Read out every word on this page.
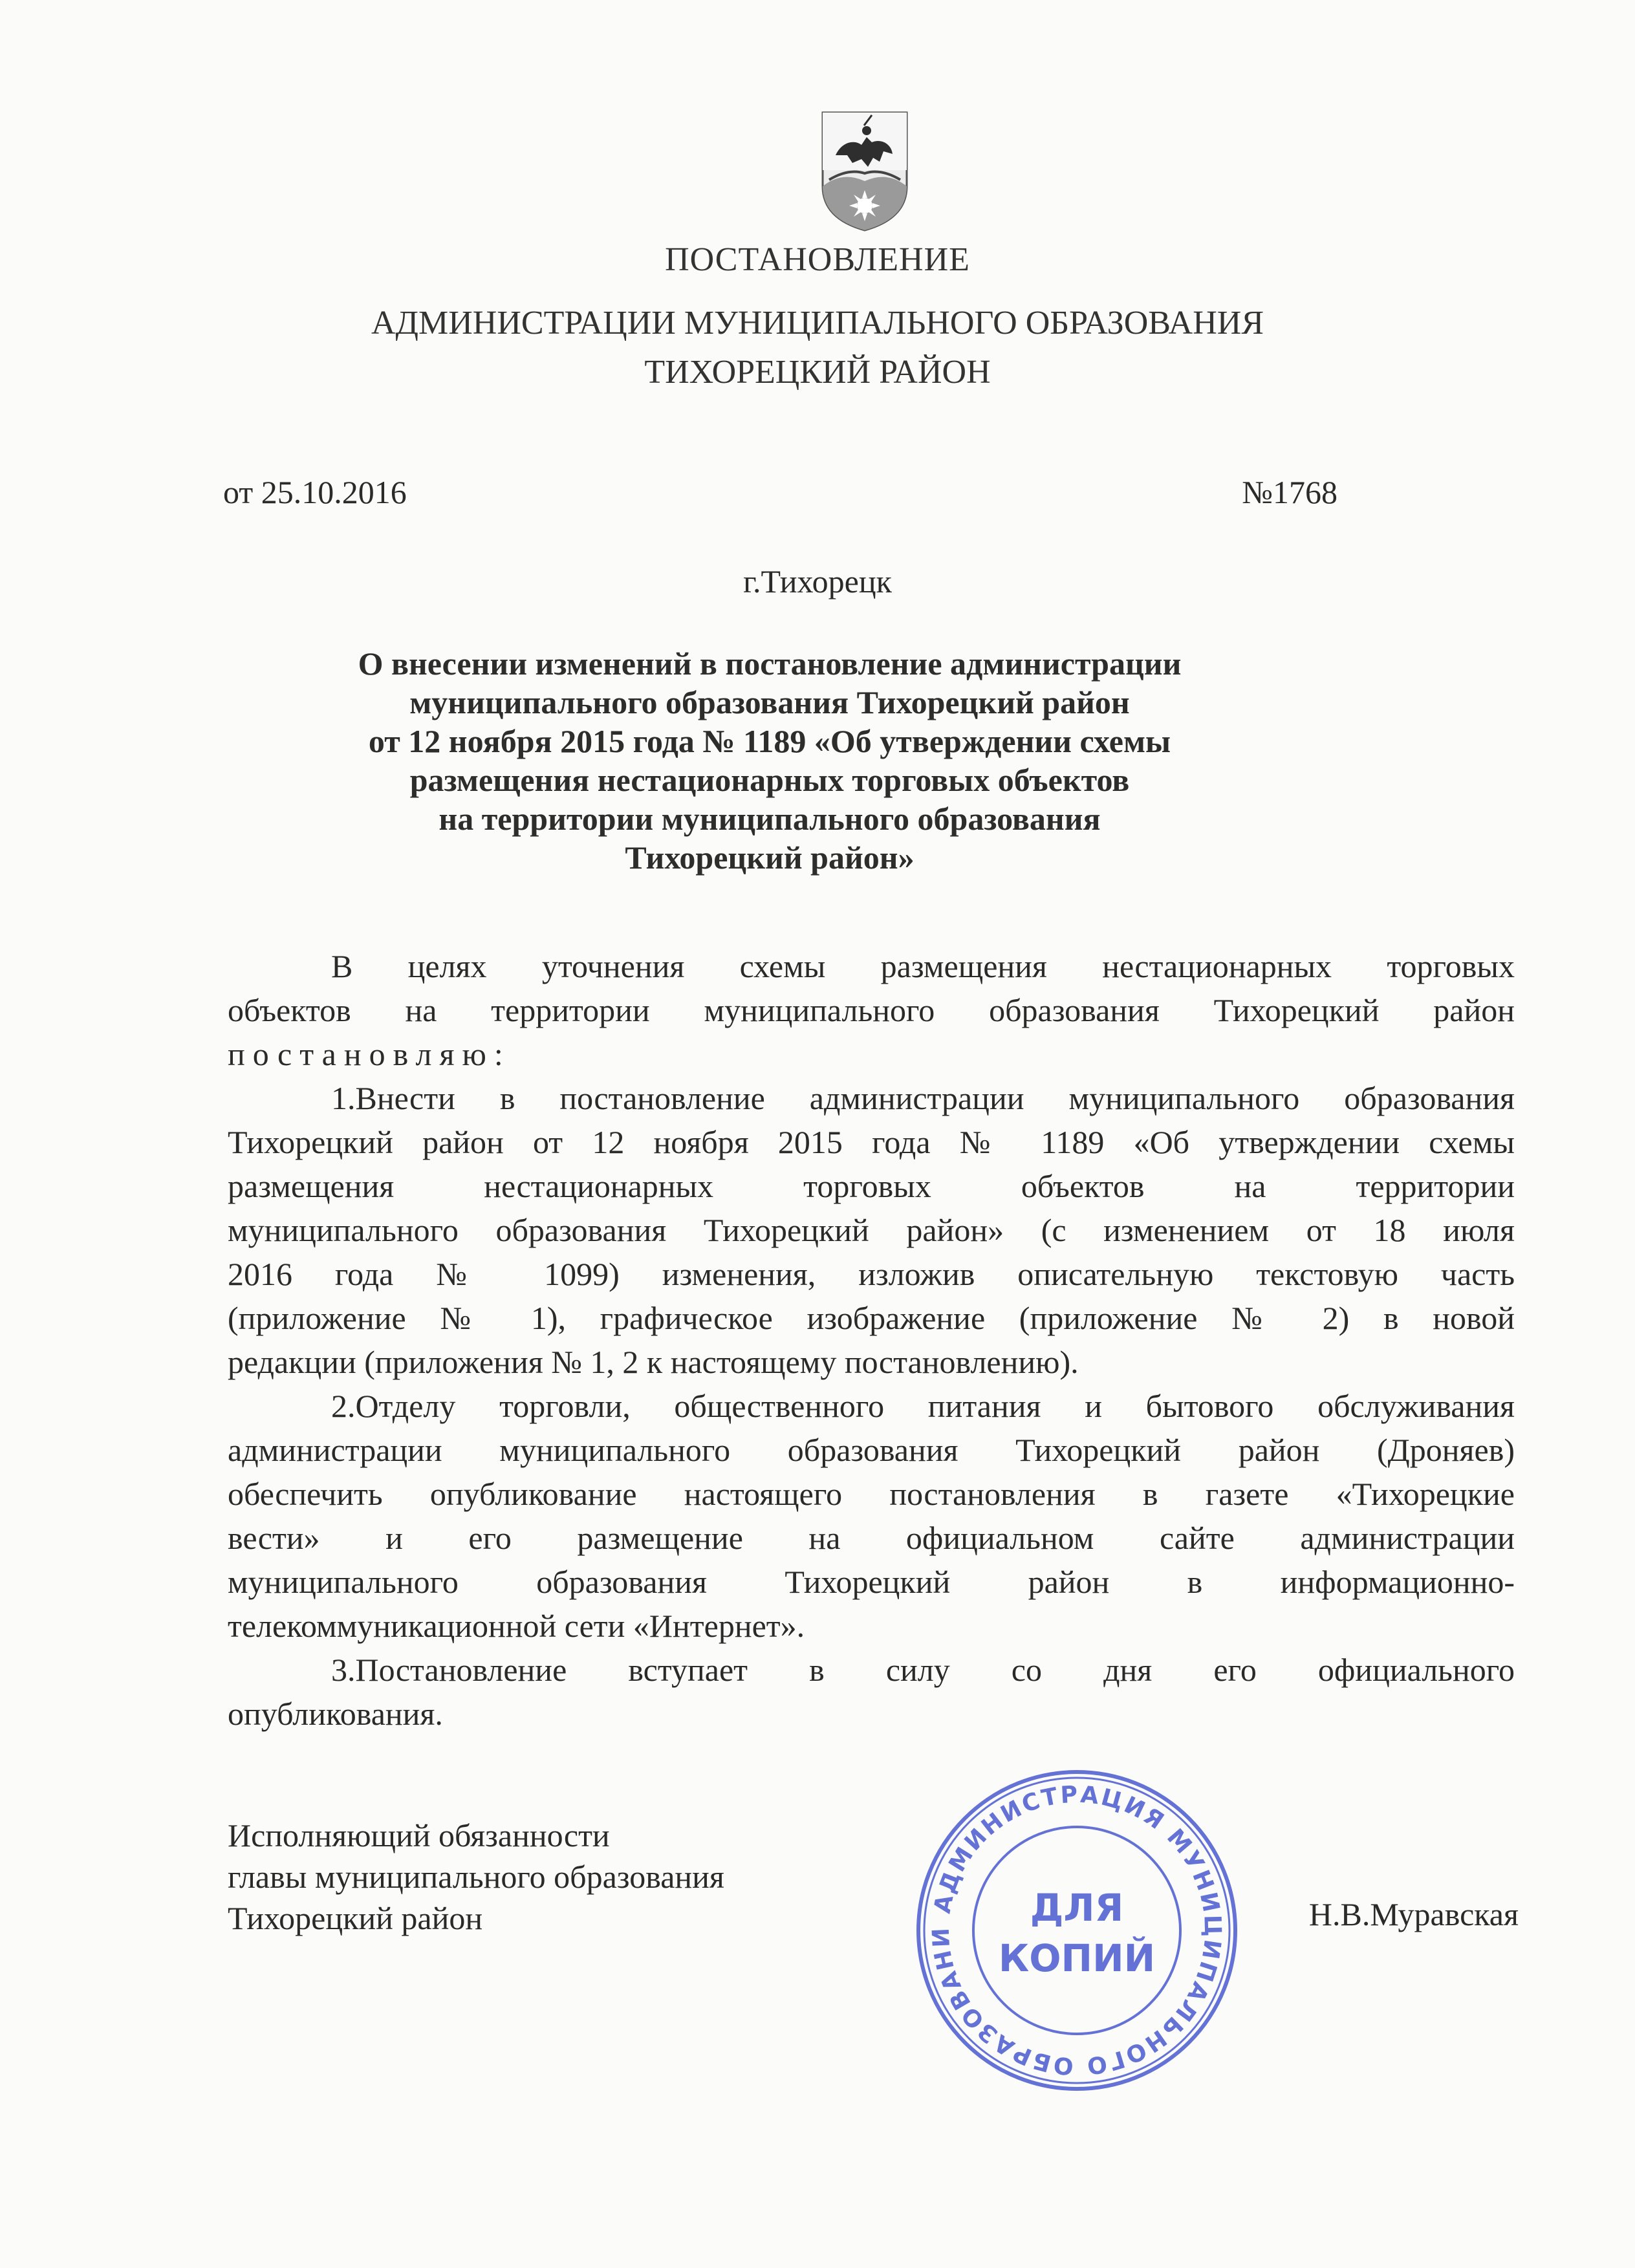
ПОСТАНОВЛЕНИЕ
АДМИНИСТРАЦИИ МУНИЦИПАЛЬНОГО ОБРАЗОВАНИЯ
ТИХОРЕЦКИЙ РАЙОН
от 25.10.2016	№1768
г.Тихорецк
О внесении изменений в постановление администрации
муниципального образования Тихорецкий район
от 12 ноября 2015 года № 1189 «Об утверждении схемы
размещения нестационарных торговых объектов
на территории муниципального образования
Тихорецкий район»

В целях уточнения схемы размещения нестационарных торговых

объектов на территории муниципального образования Тихорецкий район

постановляю:

1.Внести в постановление администрации муниципального образования

Тихорецкий район от 12 ноября 2015 года № 1189 «Об утверждении схемы

размещения нестационарных торговых объектов на территории

муниципального образования Тихорецкий район» (с изменением от 18 июля

2016 года № 1099) изменения, изложив описательную текстовую часть

(приложение № 1), графическое изображение (приложение № 2) в новой

редакции (приложения № 1, 2 к настоящему постановлению).

2.Отделу торговли, общественного питания и бытового обслуживания

администрации муниципального образования Тихорецкий район (Дроняев)

обеспечить опубликование настоящего постановления в газете «Тихорецкие

вести» и его размещение на официальном сайте администрации

муниципального образования Тихорецкий район в информационно-

телекоммуникационной сети «Интернет».

3.Постановление вступает в силу со дня его официального

опубликования.

Исполняющий обязанности
главы муниципального образования
Тихорецкий район	Н.В.Муравская
АДМИНИСТРАЦИЯ МУНИЦИПАЛЬНОГО ОБРАЗОВАНИ
ДЛЯ
КОПИЙ
